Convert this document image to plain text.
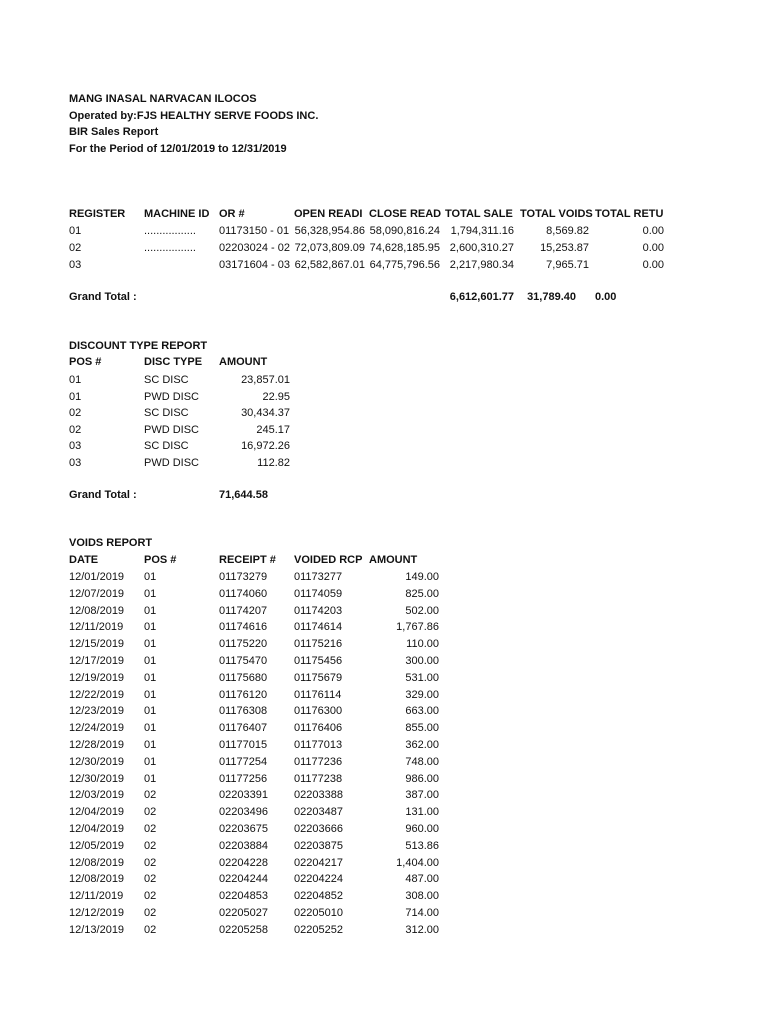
MANG INASAL NARVACAN ILOCOS
Operated by:FJS HEALTHY SERVE FOODS INC.
BIR Sales Report
For the Period of 12/01/2019 to 12/31/2019
REGISTER MACHINE ID OR #	OPEN READI CLOSE READ TOTAL SALE TOTAL VOIDS TOTAL RETU
01	................. 01173150 - 01 56,328,954.86 58,090,816.24 1,794,311.16	8,569.82	0.00
02	................. 02203024 - 02 72,073,809.09 74,628,185.95 2,600,310.27	15,253.87	0.00
03	03171604 - 03 62,582,867.01 64,775,796.56 2,217,980.34	7,965.71	0.00
Grand Total :	6,612,601.77	31,789.40 0.00
DISCOUNT TYPE REPORT
POS #	DISC TYPE AMOUNT
01	SC DISC	23,857.01
01	PWD DISC	22.95
02	SC DISC	30,434.37
02	PWD DISC	245.17
03	SC DISC	16,972.26
03	PWD DISC	112.82
Grand Total :	71,644.58
VOIDS REPORT
DATE	POS #	RECEIPT # VOIDED RCP AMOUNT
12/01/2019 01	01173279 01173277	149.00
12/07/2019 01	01174060 01174059	825.00
12/08/2019 01	01174207 01174203	502.00
12/11/2019 01	01174616 01174614	1,767.86
12/15/2019 01	01175220 01175216	110.00
12/17/2019 01	01175470 01175456	300.00
12/19/2019 01	01175680 01175679	531.00
12/22/2019 01	01176120 01176114	329.00
12/23/2019 01	01176308 01176300	663.00
12/24/2019 01	01176407 01176406	855.00
12/28/2019 01	01177015 01177013	362.00
12/30/2019 01	01177254 01177236	748.00
12/30/2019 01	01177256 01177238	986.00
12/03/2019 02	02203391 02203388	387.00
12/04/2019 02	02203496 02203487	131.00
12/04/2019 02	02203675 02203666	960.00
12/05/2019 02	02203884 02203875	513.86
12/08/2019 02	02204228 02204217	1,404.00
12/08/2019 02	02204244 02204224	487.00
12/11/2019 02	02204853 02204852	308.00
12/12/2019 02	02205027 02205010	714.00
12/13/2019 02	02205258 02205252	312.00
